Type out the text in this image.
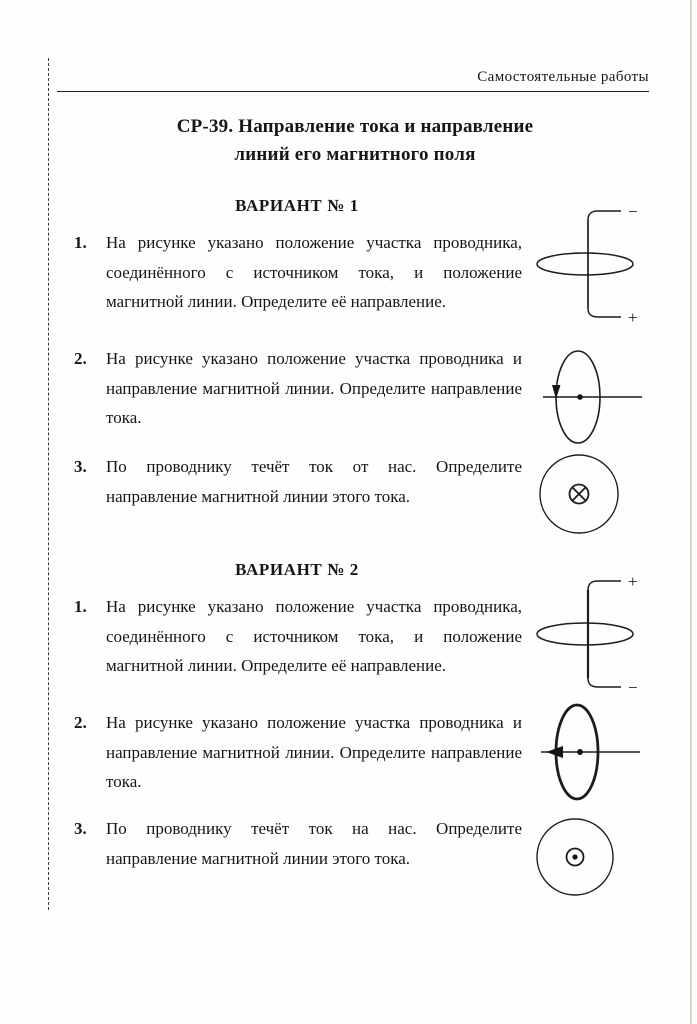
Самостоятельные работы
СР-39. Направление тока и направление
линий его магнитного поля
ВАРИАНТ № 1
1. На рисунке указано положение участка проводника, соединённого с источником тока, и положение магнитной линии. Определите её направление.

2. На рисунке указано положение участка проводника и направление магнитной линии. Определите направление тока.

3. По проводнику течёт ток от нас. Определите направление магнитной линии этого тока.

−
+
ВАРИАНТ № 2
1. На рисунке указано положение участка проводника, соединённого с источником тока, и положение магнитной линии. Определите её направление.

2. На рисунке указано положение участка проводника и направление магнитной линии. Определите направление тока.

3. По проводнику течёт ток на нас. Определите направление магнитной линии этого тока.

+
−
